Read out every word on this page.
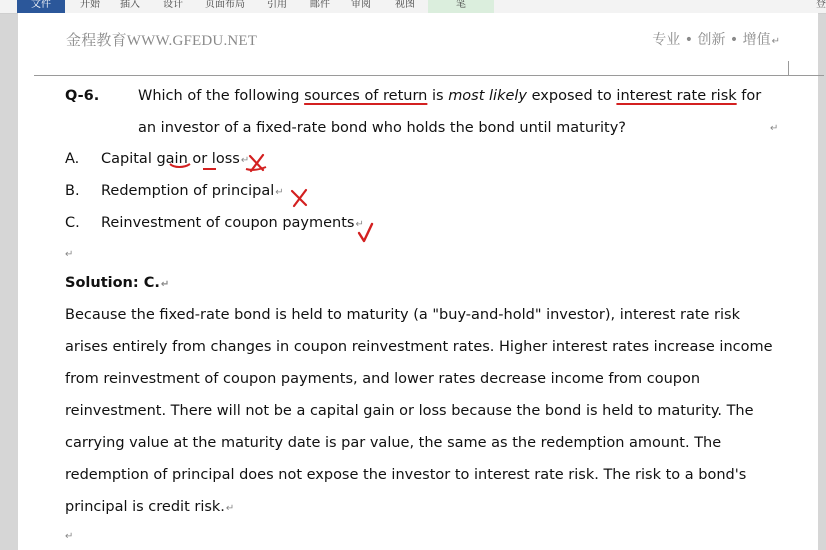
文件	开始	插入	设计	页面布局	引用	邮件	审阅	视图	笔	登
金程教育WWW.GFEDU.NET	专业 • 创新 • 增值↵
Q-6.	Which of the following sources of return is most likely exposed to interest rate risk for
an investor of a fixed-rate bond who holds the bond until maturity?	↵
A. Capital gain or loss↵
B. Redemption of principal↵
C. Reinvestment of coupon payments↵
↵
Solution: C.↵
Because the fixed-rate bond is held to maturity (a "buy-and-hold" investor), interest rate risk
arises entirely from changes in coupon reinvestment rates. Higher interest rates increase income
from reinvestment of coupon payments, and lower rates decrease income from coupon
reinvestment. There will not be a capital gain or loss because the bond is held to maturity. The
carrying value at the maturity date is par value, the same as the redemption amount. The
redemption of principal does not expose the investor to interest rate risk. The risk to a bond's
principal is credit risk.↵
↵
